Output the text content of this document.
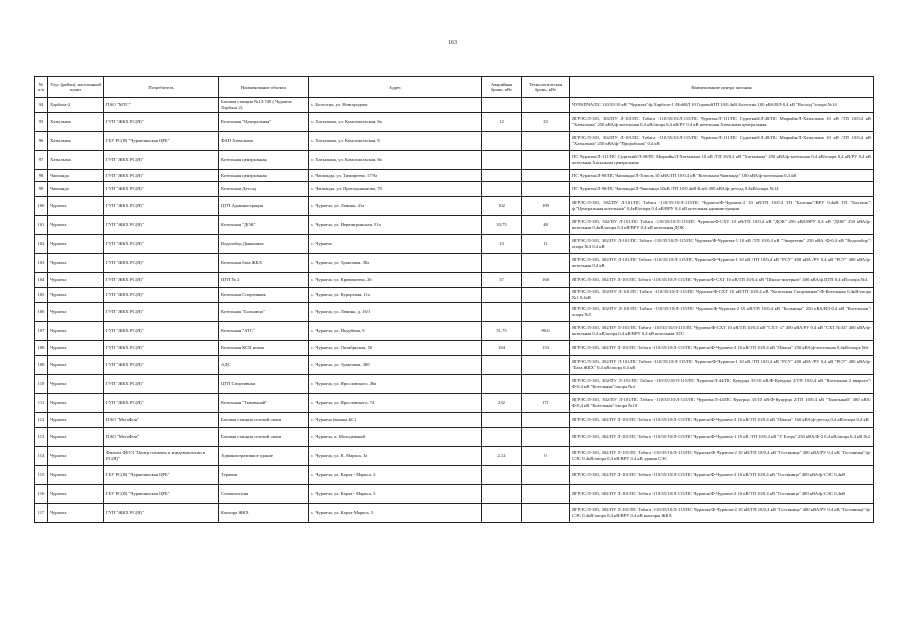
163
№ п/п	Улус (район), населенный пункт	Потребитель	Наименование объекта	Адрес	Аварийная бронь, кВт	Технологическая бронь, кВт	Наименование центра питания
94	Харбала-2	ПАО "МТС"	Базовая станция №14-740 ( Чурапча Харбала 2)	с. Болтогно, ул. Новгородова			ЧУРАПЧА/ПС 110/35/10 кВ "Чурапча"/ф.Харбала-1 /Но6ВЛ 10 ГоровойТП 10/0,4кВ Болтогно 100 кВА/ВЛ-0,4 кВ "Восход"/опора №14
95	Хатылыма	ГУП "ЖКХ РС(Я)"	Котельная "Центральная"	с. Хатылыма, ул. Комсомольская, 8а	12	23	ЯГРЭС/Л-301, 302/ПУ Л-101/ПС Табага -110/35/10/Л-115/ПС Чурапча/Л-111/ПС Судиткий/Л-48/ПС Мырыйн/Л-Хатылыма 10 кВ /ТП 10/0,4 кВ "Хатылыма" 250 кВА/ф-котельная 0,4 кВ/опора 0,4 кВ/РУ 0,4 кВ котельная Хатылыма центральная
96	Хатылыма	ГБУ РС(Я) "Чурапчинская ЦРБ"	ФАП Хатылыма	с. Хатылыма, ул. Комсомольская, 8			ЯГРЭС/Л-301, 302/ПУ Л-101/ПС Табага -110/35/10/Л-115/ПС Чурапча/Л-111/ПС Судиткий/Л-48/ПС Мырыйн/Л-Хатылыма 10 кВ /ТП 10/0,4 кВ "Хатылыма" 250 кВА/ф-"Прорабская" 0,4 кВ
97	Хатылыма	ГУП "ЖКХ РС(Я)"	Котельная центральная	с. Хатылыма, ул. Комсомольская, 8а			ПС Чурапча/Л-111/ПС Судиткий/Л-48/ПС Мырыйн/Л-Хатылыма 10 кВ /ТП 10/0,4 кВ "Хатылыма" 250 кВА/ф-котельная 0,4 кВ/опора 0,4 кВ/РУ 0,4 кВ котельная Хатылыма центральная
98	Чаппанда	ГУП "ЖКХ РС(Я)"	Котельная центральная	с. Чаппанда, ул. Тимофеева, 17/9а			ПС Чурапча/Л-98/ПС Чаппанда/Л-Тополь 10 кВА/ТП 10/0,4 кВ "Котельная Чаппанда" 100 кВА/ф-котельная 0,4 кВ
99	Чаппанда	ГУП "ЖКХ РС(Я)"	Котельная Детсад	с. Чаппанда, ул. Протодьяконова, 78			ПС Чурапча/Л-98/ПС Чаппанда/Л-Чаппанда 10кВ /ТП 10/0.4кВ Клуб 400 кВА/ф-детсад 0.4кВ/опора №14
100	Чурапча	ГУП "ЖКХ РС(Я)"	ЦТП Администрация	с. Чурапча, ул. Ленина, 41а	102	109	ЯГРЭС/Л-301, 302/ПУ Л-101/ПС Табага -110/35/10/Л-115/ПС Чурапча/Ф-Чурапча-2 10 кВ/ТП 10/0,4 ТП "Балтана"/ВРУ 0,4кВ ТП "Балтана"/ф."Центральная котельная" 0,4кВ/опора 0,4 кВ/ВРУ 0,4 кВ котельная администрации
101	Чурапча	ГУП "ЖКХ РС(Я)"	Котельная "ДОК"	с. Чурапча, ул. Нерюнгринская, 51а	33,75	48	ЯГРЭС/Л-301, 302/ПУ Л-101/ПС Табага -110/35/10/Л-115/ПС Чурапча/Ф-СХТ 10 кВ/ТП 10/0,4 кВ "ДОК" 250 кВА/ВРУ 0,4 кВ "ДОК" 250 кВА/ф-котельная 0,4кВ/опора 0,4 кВ/ВРУ 0,4 кВ котельная ДОК
102	Чурапча	ГУП "ЖКХ РС(Я)"	Водозабор Дьяконика	с. Чурапча	13	11	ЯГРЭС/Л-301, 302/ПУ Л-101/ПС Табага -110/35/10/Л-115/ПС Чурапча/Ф-Чурапча-1 10 кВ /ТП 10/0,4 кВ "Энергетик" 250 кВА /Ф-0,4 кВ "Водозабор"/опора №3 0,4 кВ
103	Чурапча	ГУП "ЖКХ РС(Я)"	Котельная база ЖКХ	с. Чурапча, ул. Трактовая, 38а			ЯГРЭС/Л-301, 302/ПУ Л-101/ПС Табага -110/35/10/Л-115/ПС Чурапча/Ф-Чурапча-1 10 кВ /ТП 10/0,4 кВ "РСУ" 400 кВА /РУ 0,4 кВ "РСУ" 400 кВА/ф-котельная 0,4 кВ
104	Чурапча	ГУП "ЖКХ РС(Я)"	ЦТП № 2	с. Чурапча, ул. Кривошеева, 26	37	168	ЯГРЭС/Л-301, 302/ПУ Л-101/ПС Табага -110/35/10/Л-115/ПС Чурапча/Ф-СХТ 10 кВ/ТП 10/0,4 кВ "Школа-интернат" 400 кВА/ф.ЦТП 0,4 кВ/опора №4
105	Чурапча	ГУП "ЖКХ РС(Я)"	Котельная Спортивная	с. Чурапча, ул. Курортная, 11а			ЯГРЭС/Л-301, 302/ПУ Л-101/ПС Табага -110/35/10/Л-115/ПС Чурапча/Ф-СХТ 10 кВ/ТП 10/0,4 кВ "Котельная Спортивная"/Ф-Котельная 0,4кВ/опора №1 0,4кВ
106	Чурапча	ГУП "ЖКХ РС(Я)"	Котельная "Больница"	с. Чурапча, ул. Ленина, д. 16/1			ЯГРЭС/Л-301, 302/ПУ Л-101/ПС Табага -110/35/10/Л-115/ПС Чурапча/Ф-Чурапча-2 10 кВ/ТП 10/0,4 кВ "Больница" 250 кВА/ВЛ-0,4 кВ "Котельная"/опора №5
107	Чурапча	ГУП "ЖКХ РС(Я)"	Котельная "АТС"	с. Чурапча, ул. Ньурбина, 9	51,75	80,6	ЯГРЭС/Л-301, 302/ПУ Л-101/ПС Табага -110/35/10/Л-115/ПС Чурапча/Ф-СХТ 10 кВ/ТП 10/0,4 кВ "СХТ -2" 400 кВА/РУ 0,4 кВ "СХТ №34" 400 кВА/ф-котельная 0,4 кВ/опора 0,4 кВ/ВРУ 0,4 кВ котельная АТС
108	Чурапча	ГУП "ЖКХ РС(Я)"	Котельная КСП новая	с. Чурапча, ул. Октябрьская, 50	184	153	ЯГРЭС/Л-301, 302/ПУ Л-101/ПС Табага -110/35/10/Л-115/ПС Чурапча/Ф-Чурапча-2 10 кВ/ТП 10/0,4 кВ "Школа" 250 кВА/ф-котельная 0,4кВ/опора №6
109	Чурапча	ГУП "ЖКХ РС(Я)"	АДС	с. Чурапча, ул. Трактовая, 38б			ЯГРЭС/Л-301, 302/ПУ Л-101/ПС Табага -110/35/10/Л-115/ПС Чурапча/Ф-Чурапча-1 10 кВ /ТП 10/0,4 кВ "РСУ" 400 кВА /РУ 0,4 кВ "РСУ" 400 кВА/ф-"База ЖКХ" 0,4 кВ/опора 0,4 кВ
110	Чурапча	ГУП "ЖКХ РС(Я)"	ЦТП Спортивная	с. Чурапча, ул. Ярославского, 46а			ЯГРЭС/Л-301, 302/ПУ Л-101/ПС Табага -110/35/10/Л-115/ПС Чурапча/Л-44/ПС Кукурца 35/10 кВ/Ф-Кукурца 2/ТП 10/0,4 кВ "Котельная 2 квартал"/Ф-0,4 кВ "Котельная"/опора №4
111	Чурапча	ГУП "ЖКХ РС(Я)"	Котельная "Тымпынай"	с. Чурапча, ул. Ярославского, 74	232	171	ЯГРЭС/Л-301, 302/ПУ Л-101/ПС Табага -110/35/10/Л-115/ПС Чурапча/Л-44/ПС Кукурца 35/10 кВ/Ф-Кукурца 2/ТП 10/0,4 кВ "Тымпынай" 400 кВА/Ф-0,4 кВ "Котельная"/опора №10
112	Чурапча	ПАО "МегаФон"	Базовая станция сотовой связи	с. Чурапча (вышка БС)			ЯГРЭС/Л-301, 302/ПУ Л-101/ПС Табага -110/35/10/Л-115/ПС Чурапча/Ф-Чурапча-2 10 кВ/ТП 10/0,4 кВ "Школа" 160 кВА/ф-детсад 0,4 кВ/опора 0,4 кВ
113	Чурапча	ПАО "МегаФон"	Базовая станция сотовой связи	с. Чурапча, п. Молодежный			ЯГРЭС/Л-301, 302/ПУ Л-101/ПС Табага -110/35/10/Л-115/ПС Чурапча/Ф-Чурапча-1 10 кВ /ТП 10/0,4 кВ "У Егора" 250 кВА/Ф-2 0,4 кВ/опора 0,4 кВ №2
114	Чурапча	Филиал ФБУЗ "Центр гигиены и эпидемиологии в РС(Я)"	Административное здание	с. Чурапча, ул. К. Маркса, 3а	2,12	0	ЯГРЭС/Л-301, 302/ПУ Л-101/ПС Табага -110/35/10/Л-115/ПС Чурапча/Ф-Чурапча-2 10 кВ/ТП 10/0,4 кВ "Гостиница" 400 кВА/РУ 0,4 кВ "Гостиница"/ф-СЭС 0,4кВ/опора 0,4 кВ/ВРУ 0,4 кВ здания СЭС
115	Чурапча	ГБУ РС(Я) "Чурапчинская ЦРБ"	Терапия	с. Чурапча, ул. Карла - Маркса, 3			ЯГРЭС/Л-301, 302/ПУ Л-101/ПС Табага -110/35/10/Л-115/ПС Чурапча/Ф-Чурапча-2 10 кВ/ТП 10/0,4 кВ "Гостиница" 400 кВА/ф-СЭС 0,4кВ
116	Чурапча	ГБУ РС(Я) "Чурапчинская ЦРБ"	Стоматология	с. Чурапча, ул. Карла - Маркса, 3			ЯГРЭС/Л-301, 302/ПУ Л-101/ПС Табага -110/35/10/Л-115/ПС Чурапча/Ф-Чурапча-2 10 кВ/ТП 10/0,4 кВ "Гостиница" 400 кВА/ф-СЭС 0,4кВ
117	Чурапча	ГУП "ЖКХ РС(Я)"	Контора ЖКХ	с. Чурапча, ул. Карла-Маркса, 3			ЯГРЭС/Л-301, 302/ПУ Л-101/ПС Табага -110/35/10/Л-115/ПС Чурапча/Ф-Чурапча-2 10 кВ/ТП 10/0,4 кВ "Гостиница" 400 кВА/РУ 0,4 кВ "Гостиница"/ф-СЭС 0,4кВ/опора 0,4 кВ/ВРУ 0,4 кВ конторы ЖКХ
